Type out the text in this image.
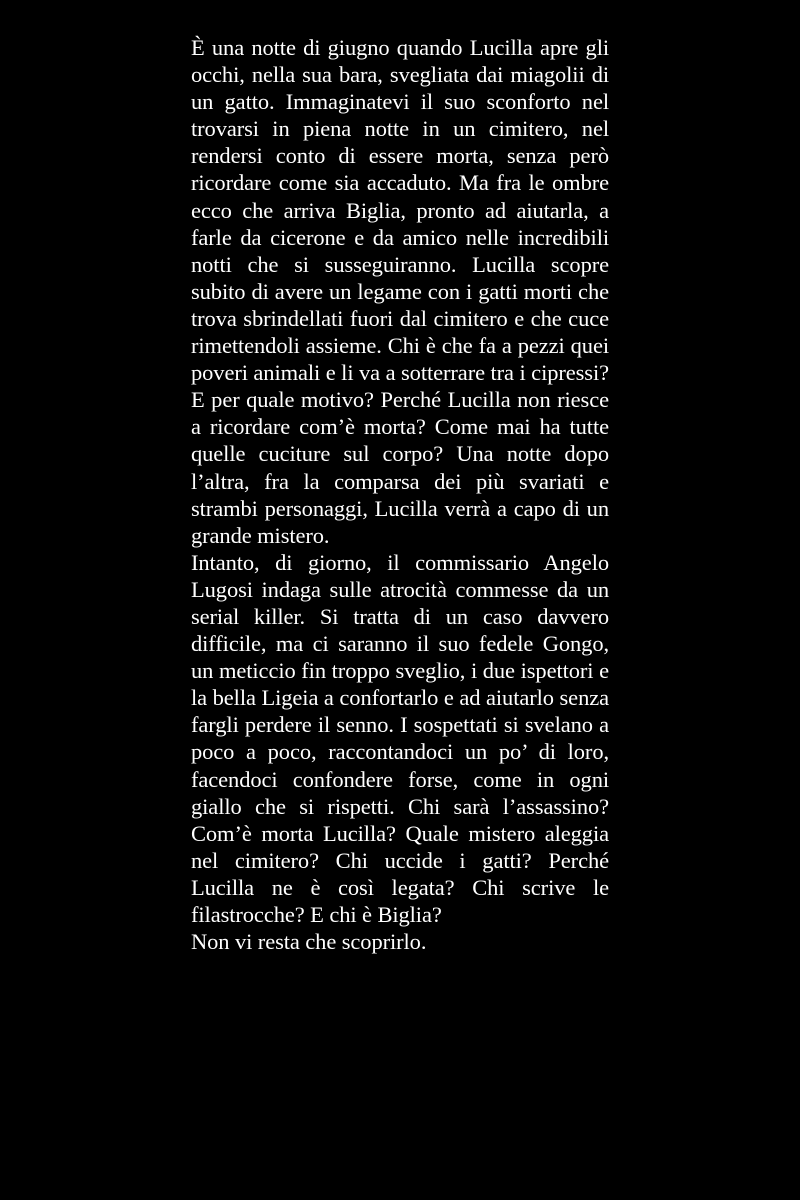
È una notte di giugno quando Lucilla apre gli occhi, nella sua bara, svegliata dai miagolii di un gatto. Immaginatevi il suo sconforto nel trovarsi in piena notte in un cimitero, nel rendersi conto di essere morta, senza però ricordare come sia accaduto. Ma fra le ombre ecco che arriva Biglia, pronto ad aiutarla, a farle da cicerone e da amico nelle incredibili notti che si susseguiranno. Lucilla scopre subito di avere un legame con i gatti morti che trova sbrindellati fuori dal cimitero e che cuce rimettendoli assieme. Chi è che fa a pezzi quei poveri animali e li va a sotterrare tra i cipressi? E per quale motivo? Perché Lucilla non riesce a ricordare com’è morta? Come mai ha tutte quelle cuciture sul corpo? Una notte dopo l’altra, fra la comparsa dei più svariati e strambi personaggi, Lucilla verrà a capo di un grande mistero.

Intanto, di giorno, il commissario Angelo Lugosi indaga sulle atrocità commesse da un serial killer. Si tratta di un caso davvero difficile, ma ci saranno il suo fedele Gongo, un meticcio fin troppo sveglio, i due ispettori e la bella Ligeia a confortarlo e ad aiutarlo senza fargli perdere il senno. I sospettati si svelano a poco a poco, raccontandoci un po’ di loro, facendoci confondere forse, come in ogni giallo che si rispetti. Chi sarà l’assassino? Com’è morta Lucilla? Quale mistero aleggia nel cimitero? Chi uccide i gatti? Perché Lucilla ne è così legata? Chi scrive le filastrocche? E chi è Biglia?

Non vi resta che scoprirlo.
